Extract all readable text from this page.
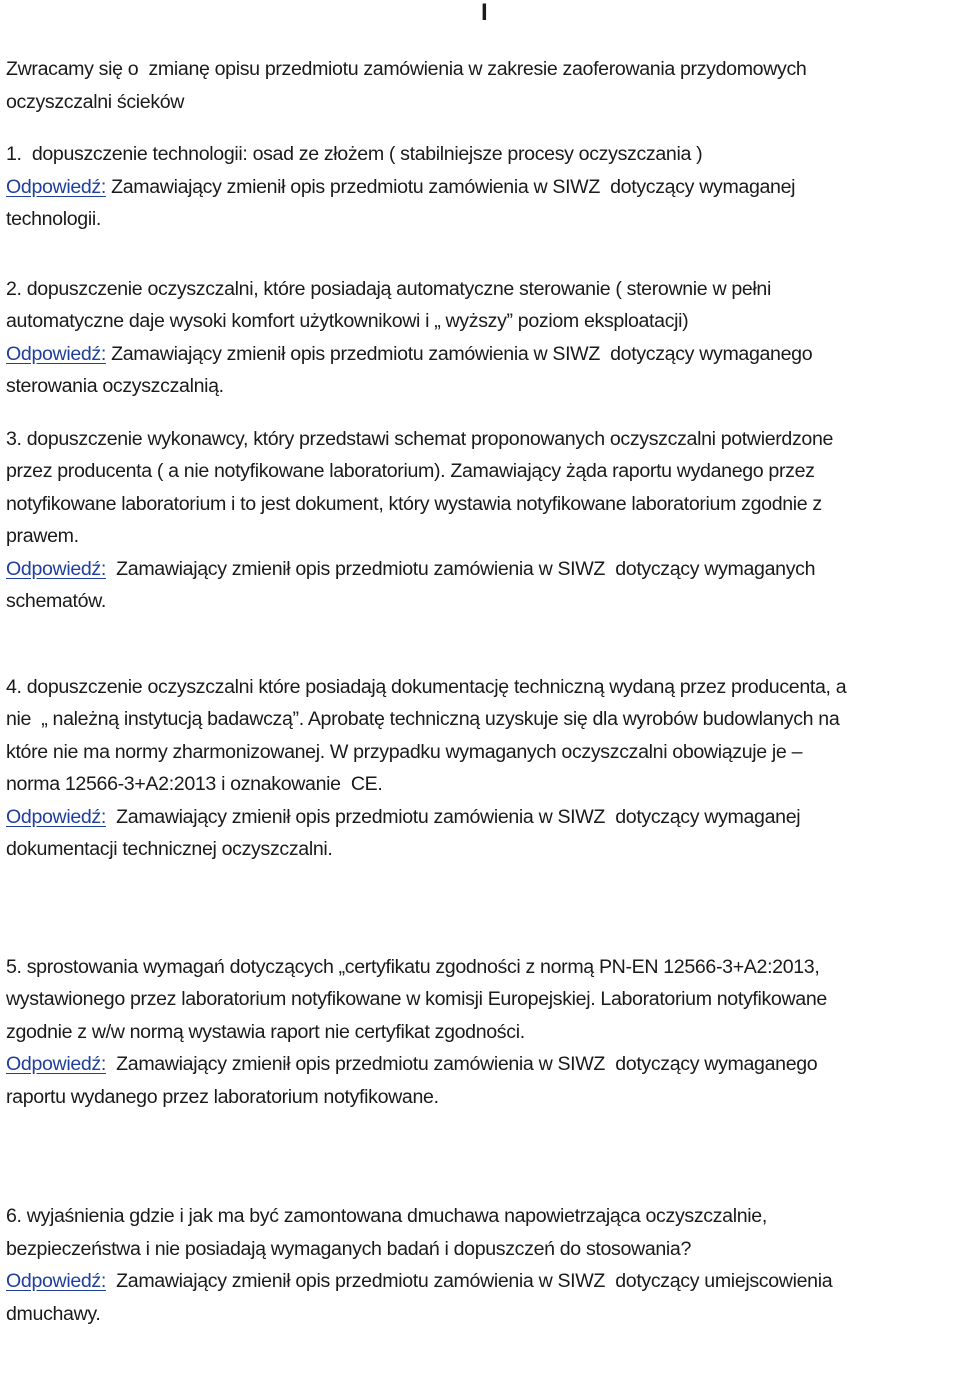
I

Zwracamy się o  zmianę opisu przedmiotu zamówienia w zakresie zaoferowania przydomowych

oczyszczalni ścieków

1.  dopuszczenie technologii: osad ze złożem ( stabilniejsze procesy oczyszczania )

Odpowiedź: Zamawiający zmienił opis przedmiotu zamówienia w SIWZ  dotyczący wymaganej

technologii.

2. dopuszczenie oczyszczalni, które posiadają automatyczne sterowanie ( sterownie w pełni

automatyczne daje wysoki komfort użytkownikowi i „ wyższy” poziom eksploatacji)

Odpowiedź: Zamawiający zmienił opis przedmiotu zamówienia w SIWZ  dotyczący wymaganego

sterowania oczyszczalnią.

3. dopuszczenie wykonawcy, który przedstawi schemat proponowanych oczyszczalni potwierdzone

przez producenta ( a nie notyfikowane laboratorium). Zamawiający żąda raportu wydanego przez

notyfikowane laboratorium i to jest dokument, który wystawia notyfikowane laboratorium zgodnie z

prawem.

Odpowiedź:  Zamawiający zmienił opis przedmiotu zamówienia w SIWZ  dotyczący wymaganych

schematów.

4. dopuszczenie oczyszczalni które posiadają dokumentację techniczną wydaną przez producenta, a

nie  „ należną instytucją badawczą”. Aprobatę techniczną uzyskuje się dla wyrobów budowlanych na

które nie ma normy zharmonizowanej. W przypadku wymaganych oczyszczalni obowiązuje je –

norma 12566-3+A2:2013 i oznakowanie  CE.

Odpowiedź:  Zamawiający zmienił opis przedmiotu zamówienia w SIWZ  dotyczący wymaganej

dokumentacji technicznej oczyszczalni.

5. sprostowania wymagań dotyczących „certyfikatu zgodności z normą PN-EN 12566-3+A2:2013,

wystawionego przez laboratorium notyfikowane w komisji Europejskiej. Laboratorium notyfikowane

zgodnie z w/w normą wystawia raport nie certyfikat zgodności.

Odpowiedź:  Zamawiający zmienił opis przedmiotu zamówienia w SIWZ  dotyczący wymaganego

raportu wydanego przez laboratorium notyfikowane.

6. wyjaśnienia gdzie i jak ma być zamontowana dmuchawa napowietrzająca oczyszczalnie,

bezpieczeństwa i nie posiadają wymaganych badań i dopuszczeń do stosowania?

Odpowiedź:  Zamawiający zmienił opis przedmiotu zamówienia w SIWZ  dotyczący umiejscowienia

dmuchawy.
